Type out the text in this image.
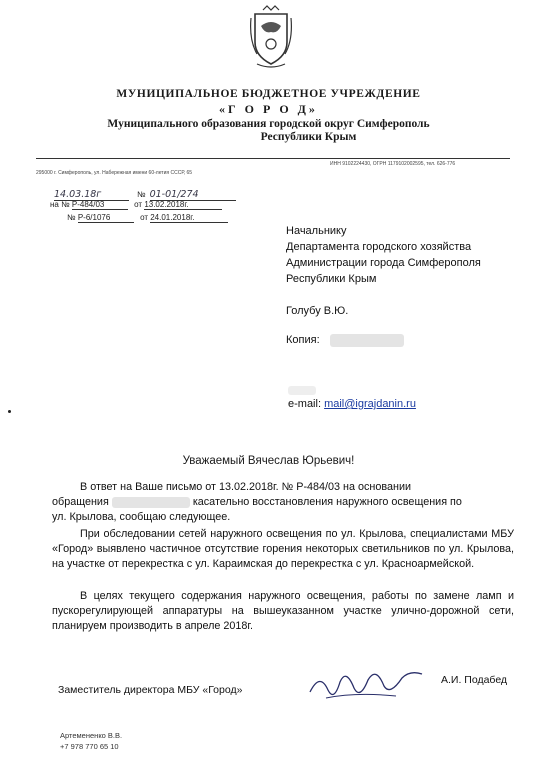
МУНИЦИПАЛЬНОЕ БЮДЖЕТНОЕ УЧРЕЖДЕНИЕ
«Г О Р О Д»
Муниципального образования городской округ Симферополь
Республики Крым
ИНН 9102224430, ОГРН 1179102002595, тел. 626-776
295000 г. Симферополь, ул. Набережная имени 60-летия СССР, 65
14.03.18г	№ 01-01/274
на № Р-484/03	от 13.02.2018г.
№ Р-6/1076	от 24.01.2018г.
Начальнику
Департамента городского хозяйства
Администрации города Симферополя
Республики Крым
Голубу В.Ю.
Копия:
e-mail: mail@igrajdanin.ru
Уважаемый Вячеслав Юрьевич!
В ответ на Ваше письмо от 13.02.2018г. № Р-484/03 на основании
обращения	касательно восстановления наружного освещения по
ул. Крылова, сообщаю следующее.
При обследовании сетей наружного освещения по ул. Крылова, специалистами МБУ «Город» выявлено частичное отсутствие горения некоторых светильников по ул. Крылова, на участке от перекрестка с ул. Караимская до перекрестка с ул. Красноармейской.
В целях текущего содержания наружного освещения, работы по замене ламп и пускорегулирующей аппаратуры на вышеуказанном участке улично-дорожной сети, планируем производить в апреле 2018г.
Заместитель директора МБУ «Город»
А.И. Подабед
Артемененко В.В.
+7 978 770 65 10
